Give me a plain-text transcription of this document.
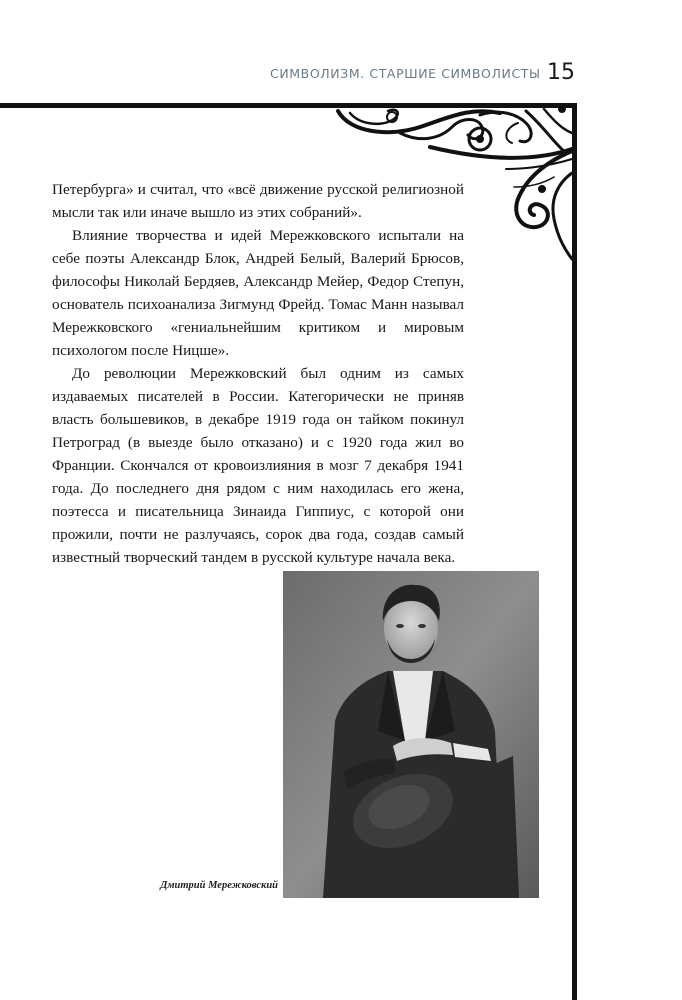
СИМВОЛИЗМ. СТАРШИЕ СИМВОЛИСТЫ 15

Петербурга» и считал, что «всё движение русской религиозной мысли так или иначе вышло из этих собраний».

Влияние творчества и идей Мережковского испытали на себе поэты Александр Блок, Андрей Белый, Валерий Брюсов, философы Николай Бердяев, Александр Мейер, Федор Степун, основатель психоанализа Зигмунд Фрейд. Томас Манн называл Мережковского «гениальнейшим критиком и мировым психологом после Ницше».

До революции Мережковский был одним из самых издаваемых писателей в России. Категорически не приняв власть большевиков, в декабре 1919 года он тайком покинул Петроград (в выезде было отказано) и с 1920 года жил во Франции. Скончался от кровоизлияния в мозг 7 декабря 1941 года. До последнего дня рядом с ним находилась его жена, поэтесса и писательница Зинаида Гиппиус, с которой они прожили, почти не разлучаясь, сорок два года, создав самый известный творческий тандем в русской культуре начала века.

Дмитрий Мережковский
